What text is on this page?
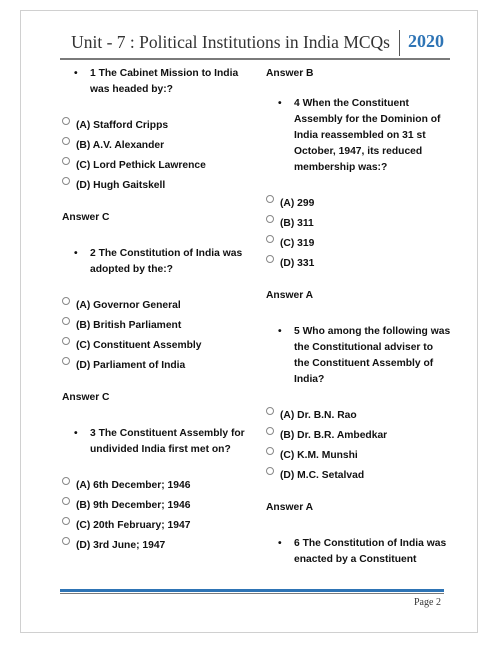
Unit - 7 : Political Institutions in India MCQs 2020
• 1 The Cabinet Mission to India was headed by:?
(A) Stafford Cripps
(B) A.V. Alexander
(C) Lord Pethick Lawrence
(D) Hugh Gaitskell
Answer C
• 2 The Constitution of India was adopted by the:?
(A) Governor General
(B) British Parliament
(C) Constituent Assembly
(D) Parliament of India
Answer C
• 3 The Constituent Assembly for undivided India first met on?
(A) 6th December; 1946
(B) 9th December; 1946
(C) 20th February; 1947
(D) 3rd June; 1947
Answer B
• 4 When the Constituent Assembly for the Dominion of India reassembled on 31 st October, 1947, its reduced membership was:?
(A) 299
(B) 311
(C) 319
(D) 331
Answer A
• 5 Who among the following was the Constitutional adviser to the Constituent Assembly of India?
(A) Dr. B.N. Rao
(B) Dr. B.R. Ambedkar
(C) K.M. Munshi
(D) M.C. Setalvad
Answer A
• 6 The Constitution of India was enacted by a Constituent
Page 2
